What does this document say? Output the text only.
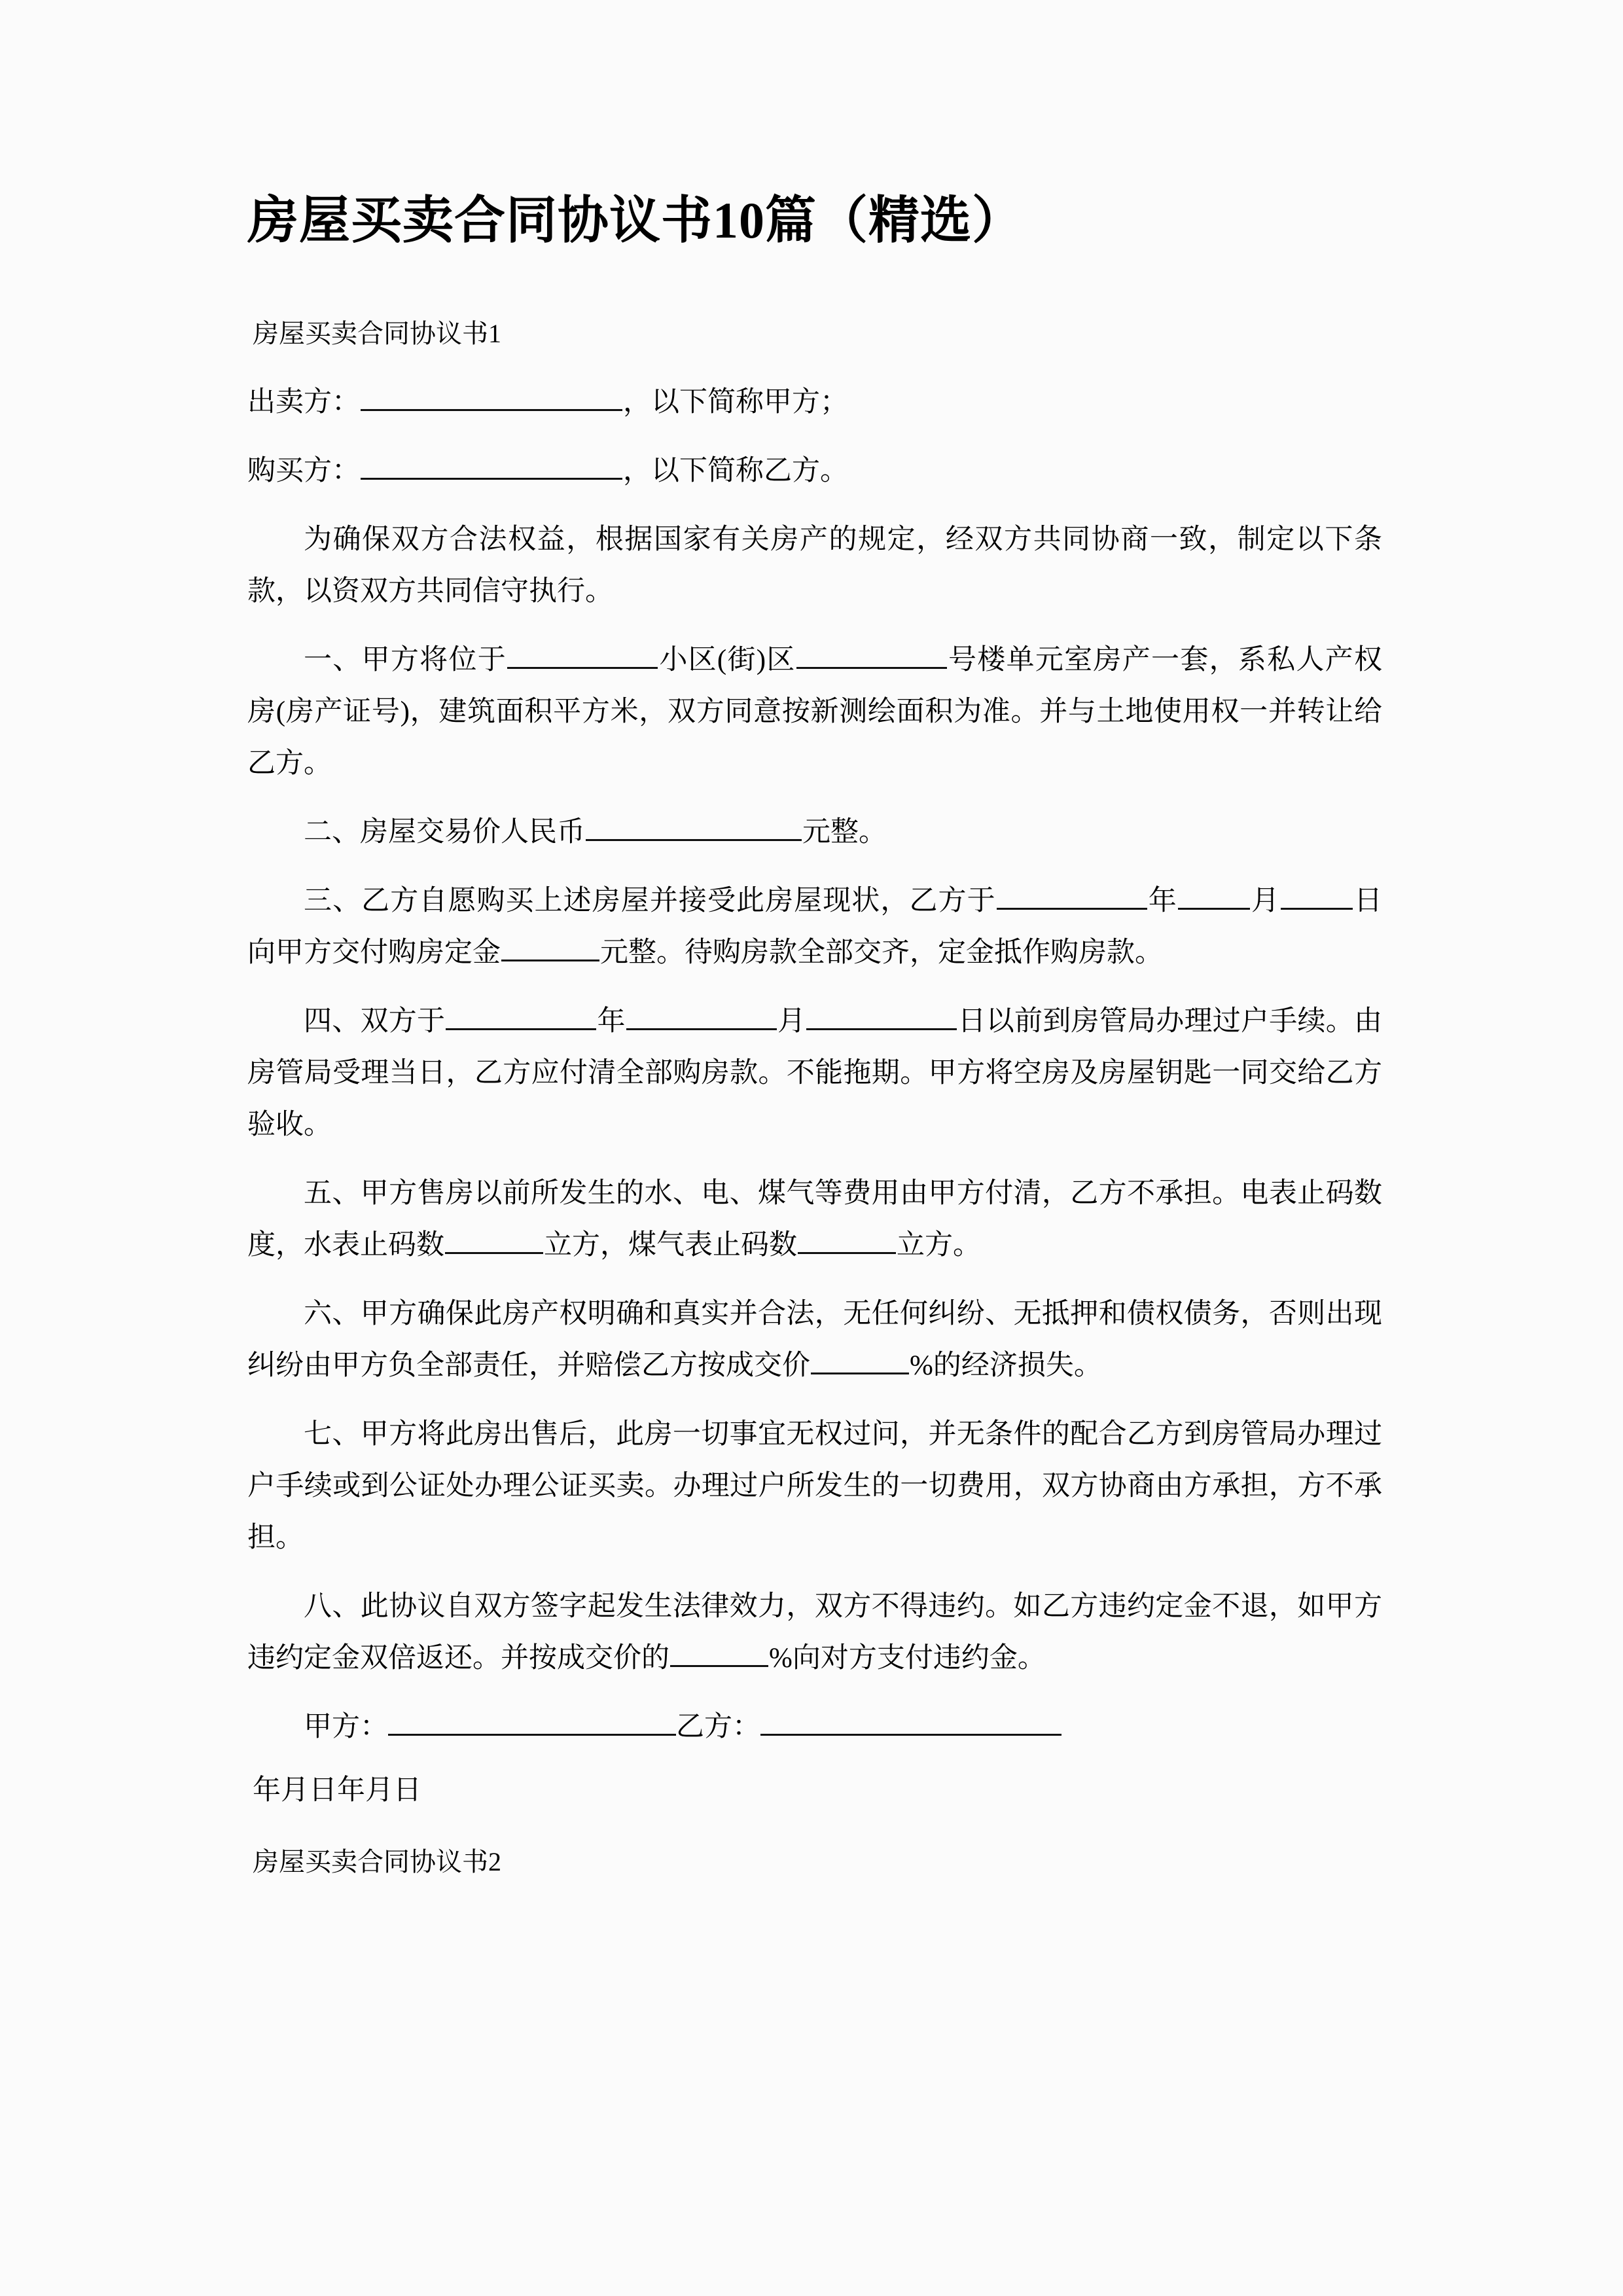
房屋买卖合同协议书10篇（精选）
房屋买卖合同协议书1

出卖方：	，以下简称甲方；

购买方：	，以下简称乙方。

为确保双方合法权益，根据国家有关房产的规定，经双方共同协商一致，制定以下条款，以资双方共同信守执行。

一、甲方将位于	小区(街)区	号楼单元室房产一套，系私人产权房(房产证号)，建筑面积平方米，双方同意按新测绘面积为准。并与土地使用权一并转让给乙方。

二、房屋交易价人民币	元整。

三、乙方自愿购买上述房屋并接受此房屋现状，乙方于	年	月	日向甲方交付购房定金	元整。待购房款全部交齐，定金抵作购房款。

四、双方于	年	月	日以前到房管局办理过户手续。由房管局受理当日，乙方应付清全部购房款。不能拖期。甲方将空房及房屋钥匙一同交给乙方验收。

五、甲方售房以前所发生的水、电、煤气等费用由甲方付清，乙方不承担。电表止码数度，水表止码数	立方，煤气表止码数	立方。

六、甲方确保此房产权明确和真实并合法，无任何纠纷、无抵押和债权债务，否则出现纠纷由甲方负全部责任，并赔偿乙方按成交价	%的经济损失。

七、甲方将此房出售后，此房一切事宜无权过问，并无条件的配合乙方到房管局办理过户手续或到公证处办理公证买卖。办理过户所发生的一切费用，双方协商由方承担，方不承担。

八、此协议自双方签字起发生法律效力，双方不得违约。如乙方违约定金不退，如甲方违约定金双倍返还。并按成交价的	%向对方支付违约金。

甲方：	乙方：
年月日年月日
房屋买卖合同协议书2
